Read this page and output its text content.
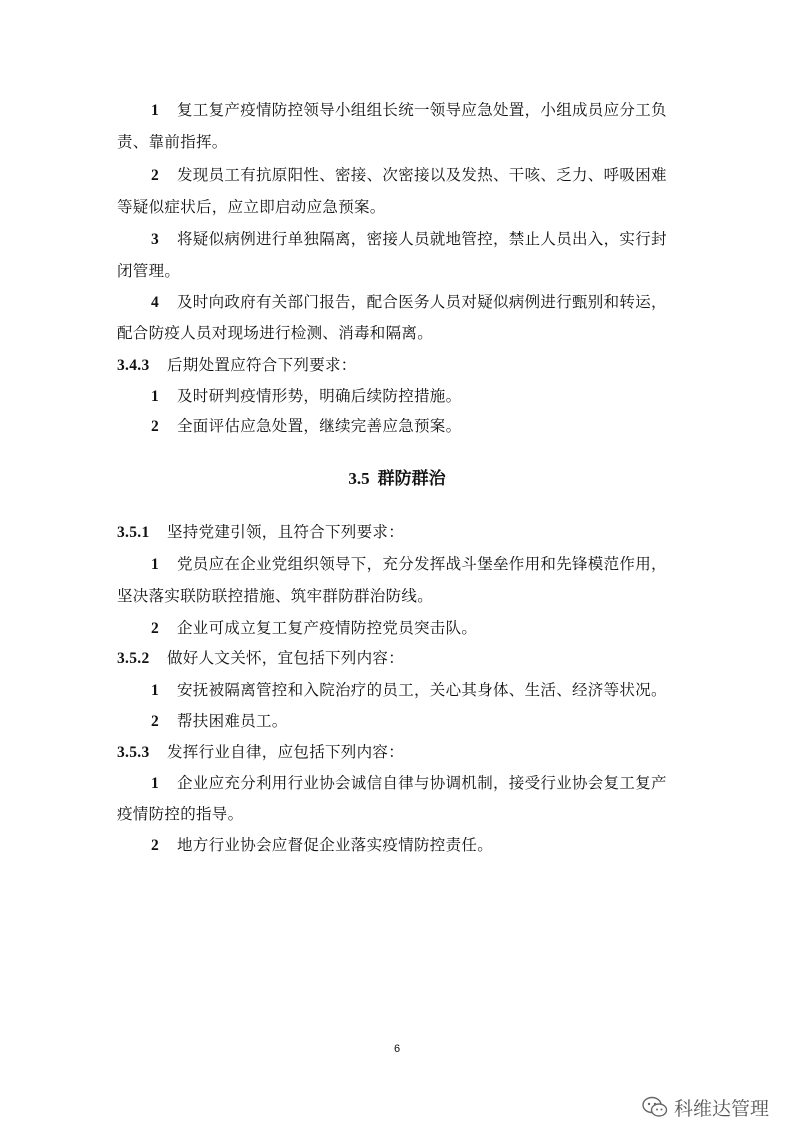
1 复工复产疫情防控领导小组组长统一领导应急处置，小组成员应分工负
责、靠前指挥。
2 发现员工有抗原阳性、密接、次密接以及发热、干咳、乏力、呼吸困难
等疑似症状后，应立即启动应急预案。
3 将疑似病例进行单独隔离，密接人员就地管控，禁止人员出入，实行封
闭管理。
4 及时向政府有关部门报告，配合医务人员对疑似病例进行甄别和转运，
配合防疫人员对现场进行检测、消毒和隔离。
3.4.3 后期处置应符合下列要求：
1 及时研判疫情形势，明确后续防控措施。
2 全面评估应急处置，继续完善应急预案。
3.5 群防群治
3.5.1 坚持党建引领，且符合下列要求：
1 党员应在企业党组织领导下，充分发挥战斗堡垒作用和先锋模范作用，
坚决落实联防联控措施、筑牢群防群治防线。
2 企业可成立复工复产疫情防控党员突击队。
3.5.2 做好人文关怀，宜包括下列内容：
1 安抚被隔离管控和入院治疗的员工，关心其身体、生活、经济等状况。
2 帮扶困难员工。
3.5.3 发挥行业自律，应包括下列内容：
1 企业应充分利用行业协会诚信自律与协调机制，接受行业协会复工复产
疫情防控的指导。
2 地方行业协会应督促企业落实疫情防控责任。
6
科维达管理
